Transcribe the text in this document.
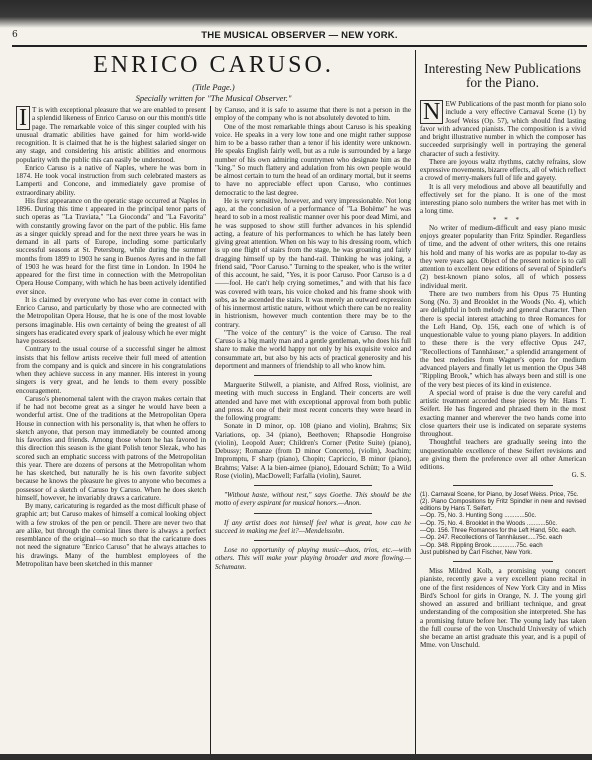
6	THE MUSICAL OBSERVER — NEW YORK.
ENRICO CARUSO.
(Title Page.)
Specially written for "The Musical Observer."

I T is with exceptional pleasure that we are enabled to present a splendid likeness of Enrico Caruso on our this month's title page. The remarkable voice of this singer coupled with his unusual dramatic abilities have gained for him world-wide recognition. It is claimed that he is the highest salaried singer on any stage, and considering his artistic abilities and enormous popularity with the public this can easily be understood.

Enrico Caruso is a native of Naples, where he was born in 1874. He took vocal instruction from such celebrated masters as Lamperti and Concone, and immediately gave promise of extraordinary ability.

His first appearance on the operatic stage occurred at Naples in 1896. During this time t appeared in the principal tenor parts of such operas as "La Traviata," "La Gioconda" and "La Favorita" with constantly growing favor on the part of the public. His fame as a singer quickly spread and for the next three years he was in demand in all parts of Europe, including some particularly successful seasons at St. Petersburg, while during the summer months from 1899 to 1903 he sang in Buenos Ayres and in the fall of 1903 he was heard for the first time in London. In 1904 he appeared for the first time in connection with the Metropolitan Opera House Company, with which he has been actively identified ever since.

It is claimed by everyone who has ever come in contact with Enrico Caruso, and particularly by those who are connected with the Metropolitan Opera House, that he is one of the most lovable persons imaginable. His own certainty of being the greatest of all singers has eradicated every spark of jealousy which he ever might have possessed.

Contrary to the usual course of a successful singer he almost insists that his fellow artists receive their full meed of attention from the company and is quick and sincere in his congratulations when they achieve success in any manner. His interest in young singers is very great, and he lends to them every possible encouragement.

Caruso's phenomenal talent with the crayon makes certain that if he had not become great as a singer he would have been a wonderful artist. One of the traditions at the Metropolitan Opera House in connection with his personality is, that when he offers to sketch anyone, that person may immediately be counted among his favorites and friends. Among those whom he has favored in this direction this season is the giant Polish tenor Slezak, who has scored such an emphatic success with patrons of the Metropolitan this year. There are dozens of persons at the Metropolitan whom he has sketched, but naturally he is his own favorite subject because he knows the pleasure he gives to anyone who becomes a possessor of a sketch of Caruso by Caruso. When he does sketch himself, however, he invariably draws a caricature.

By many, caricaturing is regarded as the most difficult phase of graphic art; but Caruso makes of himself a comical looking object with a few strokes of the pen or pencil. There are never two that are alike, but through the comical lines there is always a perfect resemblance of the original—so much so that the caricature does not need the signature "Enrico Caruso" that he always attaches to his drawings. Many of the humblest employees of the Metropolitan have been sketched in this manner

by Caruso, and it is safe to assume that there is not a person in the employ of the company who is not absolutely devoted to him.

One of the most remarkable things about Caruso is his speaking voice. He speaks in a very low tone and one might rather suppose him to be a basso rather than a tenor if his identity were unknown. He speaks English fairly well, but as a rule is surrounded by a large number of his own admiring countrymen who designate him as the "king." So much flattery and adulation from his own people would be almost certain to turn the head of an ordinary mortal, but it seems to have no appreciable effect upon Caruso, who continues democratic to the last degree.

He is very sensitive, however, and very impressionable. Not long ago, at the conclusion of a performance of "La Bohème" he was heard to sob in a most realistic manner over his poor dead Mimi, and he was supposed to show still further advances in his splendid acting, a feature of his performances to which he has lately been giving great attention. When on his way to his dressing room, which is up one flight of stairs from the stage, he was groaning and fairly dragging himself up by the hand-rail. Thinking he was joking, a friend said, "Poor Caruso." Turning to the speaker, who is the writer of this account, he said, "Yes, it is poor Caruso. Poor Caruso is a d——fool. He can't help crying sometimes," and with that his face was covered with tears, his voice choked and his frame shook with sobs, as he ascended the stairs. It was merely an outward expression of his innermost artistic nature, without which there can be no reality in histrionism, however much contention there may be to the contrary.

"The voice of the century" is the voice of Caruso. The real Caruso is a big manly man and a gentle gentleman, who does his full share to make the world happy not only by his exquisite voice and consummate art, but also by his acts of practical generosity and his deportment and manners of friendship to all who know him.

Marguerite Stilwell, a pianiste, and Alfred Ross, violinist, are meeting with much success in England. Their concerts are well attended and have met with exceptional approval from both public and press. At one of their most recent concerts they were heard in the following program:

Sonate in D minor, op. 108 (piano and violin), Brahms; Six Variations, op. 34 (piano), Beethoven; Rhapsodie Hongroise (violin), Leopold Auer; Children's Corner (Petite Suite) (piano), Debussy; Romanze (from D minor Concerto), (violin), Joachim; Impromptu, F sharp (piano), Chopin; Capriccio, B minor (piano), Brahms; Valse: A la bien-aimee (piano), Edouard Schütt; To a Wild Rose (violin), MacDowell; Farfalla (violin), Sauret.

"Without haste, without rest," says Goethe. This should be the motto of every aspirant for musical honors.—Anon.

If any artist does not himself feel what is great, how can he succeed in making me feel it?—Mendelssohn.

Lose no opportunity of playing music—duos, trios, etc.—with others. This will make your playing broader and more flowing.—Schumann.

Interesting New Publications for the Piano.

N EW Publications of the past month for piano solo include a very effective Carnaval Scene (1) by Josef Weiss (Op. 57), which should find lasting favor with advanced pianists. The composition is a vivid and bright illustrative number in which the composer has succeeded surprisingly well in portraying the general character of such a festivity.

There are joyous waltz rhythms, catchy refrains, slow expressive movements, bizarre effects, all of which reflect a crowd of merry-makers full of life and gayety.

It is all very melodious and above all beautifully and effectively set for the piano. It is one of the most interesting piano solo numbers the writer has met with in a long time.

* * *

No writer of medium-difficult and easy piano music enjoys greater popularity than Fritz Spindler. Regardless of time, and the advent of other writers, this one retains his hold and many of his works are as popular to-day as they were years ago. Object of the present notice is to call attention to excellent new editions of several of Spindler's (2) best-known piano solos, all of which possess individual merit.

There are two numbers from his Opus 75 Hunting Song (No. 3) and Brooklet in the Woods (No. 4), which are delightful in both melody and general character. Then there is special interest attaching to three Romances for the Left Hand, Op. 156, each one of which is of unquestionable value to young piano players. In addition to these there is the very effective Opus 247, "Recollections of Tannhäuser," a splendid arrangement of the best melodies from Wagner's opera for medium advanced players and finally let us mention the Opus 348 "Rippling Brook," which has always been and still is one of the very best pieces of its kind in existence.

A special word of praise is due the very careful and artistic treatment accorded these pieces by Mr. Hans T. Seifert. He has fingered and phrased them in the most exacting manner and wherever the two hands come into close quarters their use is indicated on separate systems throughout.

Thoughtful teachers are gradually seeing into the unquestionable excellence of these Seifert revisions and are giving them the preference over all other American editions.

G. S.

(1). Carnaval Scene, for Piano, by Josef Weiss. Price, 75c.

(2). Piano Compositions by Fritz Spindler in new and revised editions by Hans T. Seifert.

—Op. 75, No. 3. Hunting Song ............50c.

—Op. 75, No. 4. Brooklet in the Woods ...........50c.

—Op. 156. Three Romances for the Left Hand, 50c. each.

—Op. 247. Recollections of Tannhäuser.....75c. each

—Op. 348. Rippling Brook...............75c. each

Just published by Carl Fischer, New York.

Miss Mildred Kolb, a promising young concert pianiste, recently gave a very excellent piano recital in one of the first residences of New York City and in Miss Bird's School for girls in Orange, N. J. The young girl showed an assured and brilliant technique, and great understanding of the composition she interpreted. She has a promising future before her. The young lady has taken the full course of the von Unschuld University of which she became an artist graduate this year, and is a pupil of Mme. von Unschuld.
